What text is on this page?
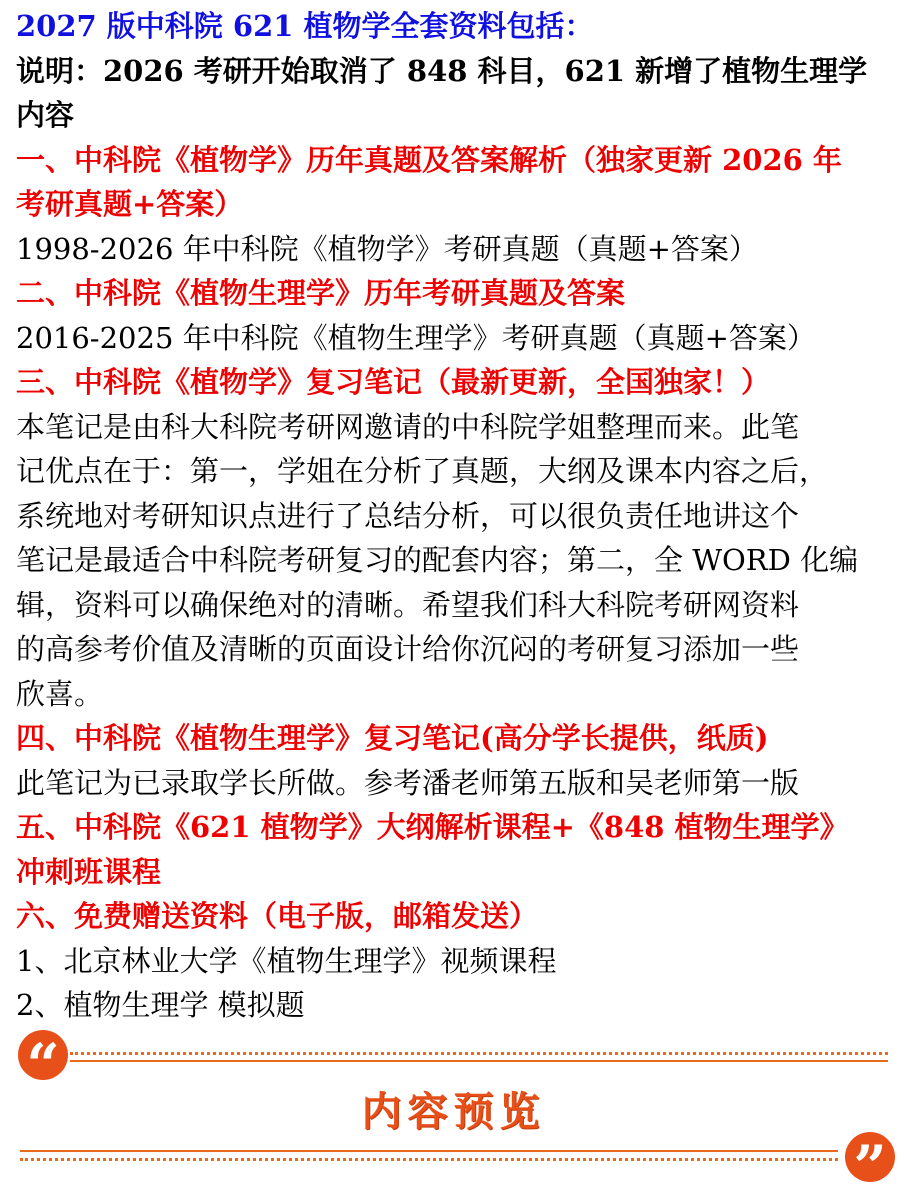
2027 版中科院 621 植物学全套资料包括：
说明：2026 考研开始取消了 848 科目，621 新增了植物生理学
内容
一、中科院《植物学》历年真题及答案解析（独家更新 2026 年
考研真题+答案）
1998-2026 年中科院《植物学》考研真题（真题+答案）
二、中科院《植物生理学》历年考研真题及答案
2016-2025 年中科院《植物生理学》考研真题（真题+答案）
三、中科院《植物学》复习笔记（最新更新，全国独家！）
本笔记是由科大科院考研网邀请的中科院学姐整理而来。此笔
记优点在于：第一，学姐在分析了真题，大纲及课本内容之后，
系统地对考研知识点进行了总结分析，可以很负责任地讲这个
笔记是最适合中科院考研复习的配套内容；第二，全 WORD 化编
辑，资料可以确保绝对的清晰。希望我们科大科院考研网资料
的高参考价值及清晰的页面设计给你沉闷的考研复习添加一些
欣喜。
四、中科院《植物生理学》复习笔记(高分学长提供，纸质)
此笔记为已录取学长所做。参考潘老师第五版和吴老师第一版
五、中科院《621 植物学》大纲解析课程+《848 植物生理学》
冲刺班课程
六、免费赠送资料（电子版，邮箱发送）
1、北京林业大学《植物生理学》视频课程
2、植物生理学 模拟题
“
内容预览
”
